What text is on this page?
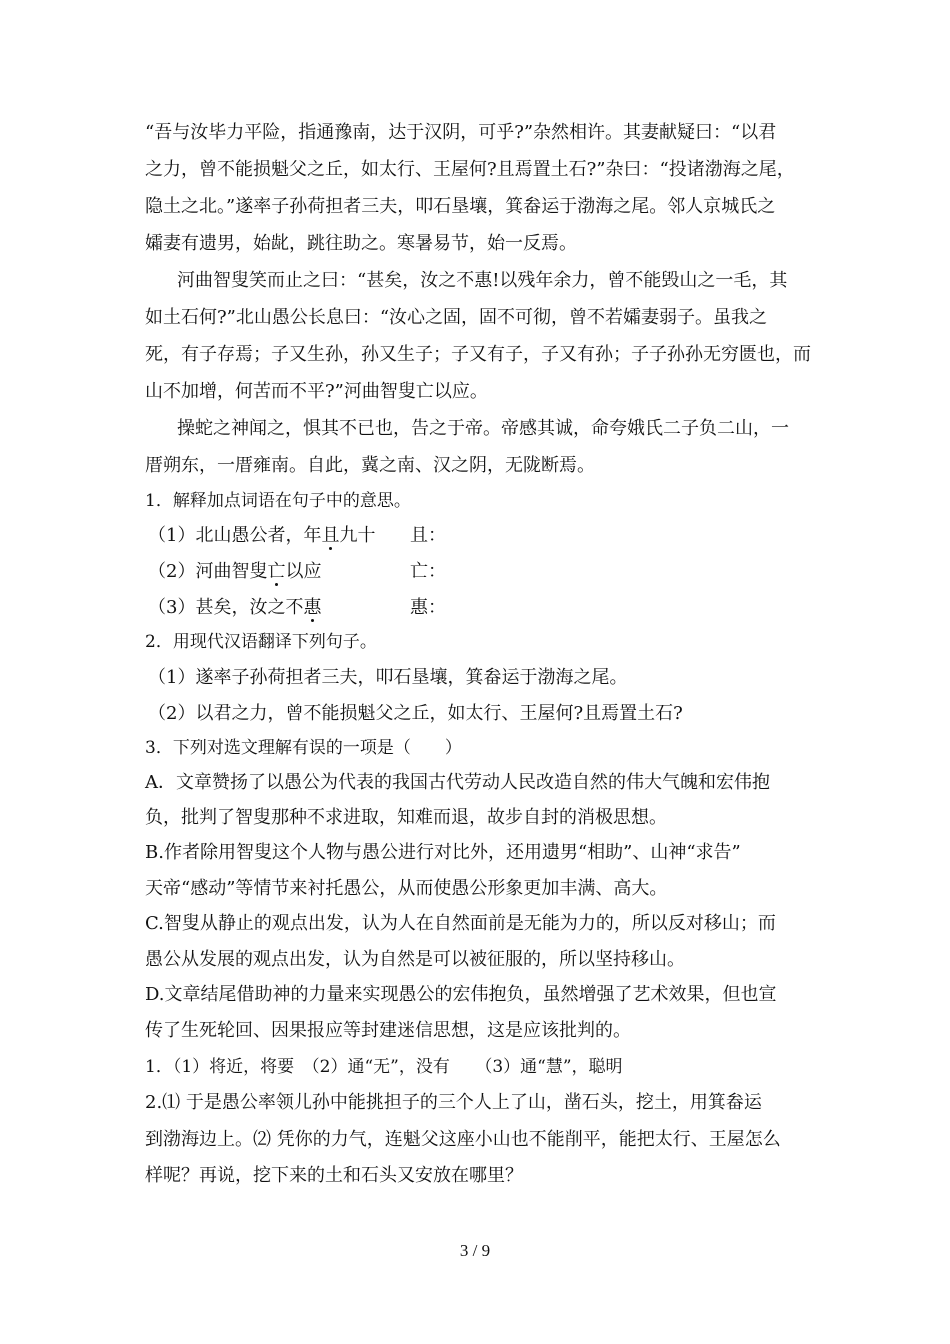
“吾与汝毕力平险，指通豫南，达于汉阴，可乎?”杂然相许。其妻献疑曰：“以君
之力，曾不能损魁父之丘，如太行、王屋何?且焉置土石?”杂曰：“投诸渤海之尾，
隐土之北。”遂率子孙荷担者三夫，叩石垦壤，箕畚运于渤海之尾。邻人京城氏之
孀妻有遗男，始龀，跳往助之。寒暑易节，始一反焉。
河曲智叟笑而止之曰：“甚矣，汝之不惠!以残年余力，曾不能毁山之一毛，其
如土石何?”北山愚公长息曰：“汝心之固，固不可彻，曾不若孀妻弱子。虽我之
死，有子存焉；子又生孙，孙又生子；子又有子，子又有孙；子子孙孙无穷匮也，而
山不加增，何苦而不平?”河曲智叟亡以应。
操蛇之神闻之，惧其不已也，告之于帝。帝感其诚，命夸娥氏二子负二山，一
厝朔东，一厝雍南。自此，冀之南、汉之阴，无陇断焉。
1．解释加点词语在句子中的意思。
（1）北山愚公者，年且九十 且：
（2）河曲智叟亡以应	亡：
（3）甚矣，汝之不惠	惠：
2．用现代汉语翻译下列句子。
（1）遂率子孙荷担者三夫，叩石垦壤，箕畚运于渤海之尾。
（2）以君之力，曾不能损魁父之丘，如太行、王屋何?且焉置土石?
3．下列对选文理解有误的一项是（　　）
A．文章赞扬了以愚公为代表的我国古代劳动人民改造自然的伟大气魄和宏伟抱
负，批判了智叟那种不求进取，知难而退，故步自封的消极思想。
B.作者除用智叟这个人物与愚公进行对比外，还用遗男“相助”、山神“求告”
天帝“感动”等情节来衬托愚公，从而使愚公形象更加丰满、高大。
C.智叟从静止的观点出发，认为人在自然面前是无能为力的，所以反对移山；而
愚公从发展的观点出发，认为自然是可以被征服的，所以坚持移山。
D.文章结尾借助神的力量来实现愚公的宏伟抱负，虽然增强了艺术效果，但也宣
传了生死轮回、因果报应等封建迷信思想，这是应该批判的。
1．（1）将近，将要　（2）通“无”，没有　　（3）通“慧”，聪明
2.⑴ 于是愚公率领儿孙中能挑担子的三个人上了山，凿石头，挖土，用箕畚运
到渤海边上。⑵ 凭你的力气，连魁父这座小山也不能削平，能把太行、王屋怎么
样呢？再说，挖下来的土和石头又安放在哪里？
3 / 9
